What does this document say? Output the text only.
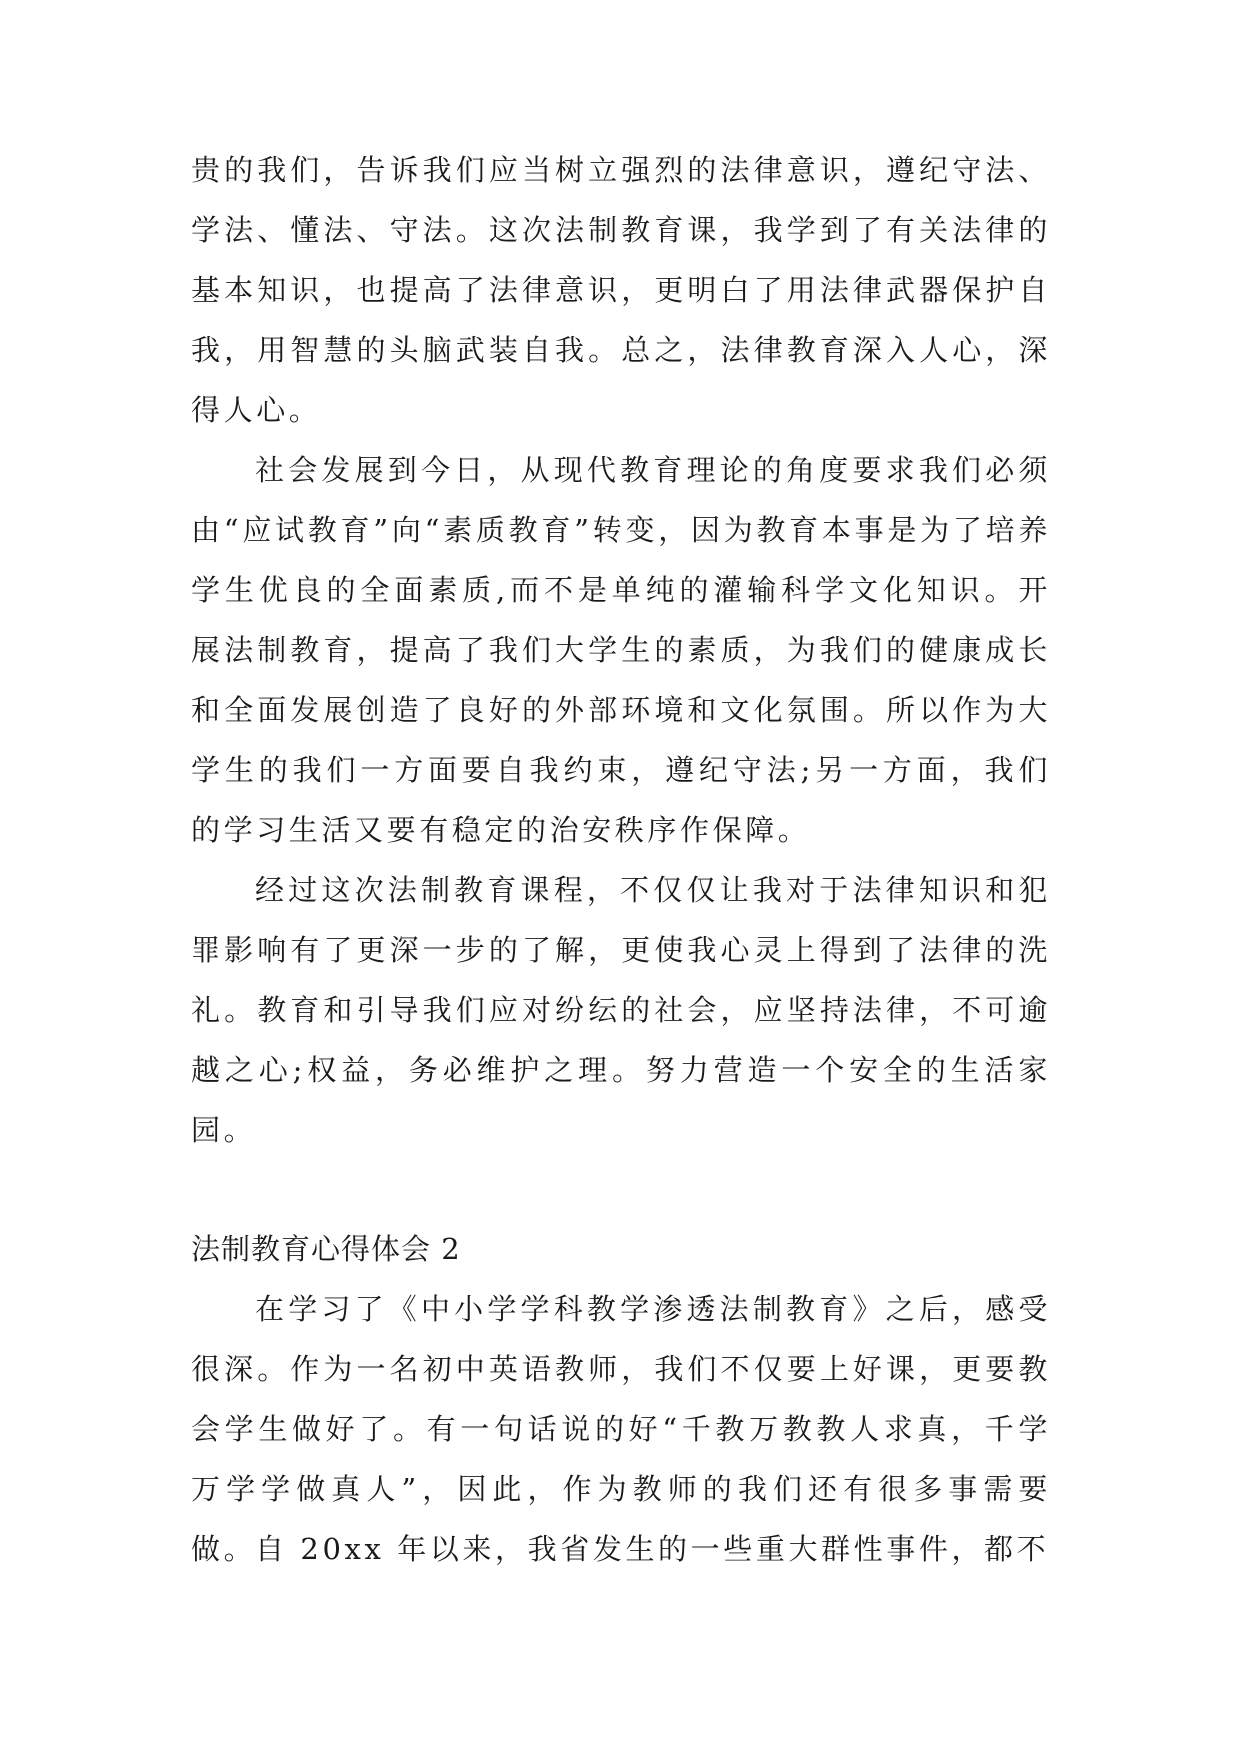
贵的我们，告诉我们应当树立强烈的法律意识，遵纪守法、学法、懂法、守法。这次法制教育课，我学到了有关法律的基本知识，也提高了法律意识，更明白了用法律武器保护自我，用智慧的头脑武装自我。总之，法律教育深入人心，深得人心。

社会发展到今日，从现代教育理论的角度要求我们必须由“应试教育”向“素质教育”转变，因为教育本事是为了培养学生优良的全面素质,而不是单纯的灌输科学文化知识。开展法制教育，提高了我们大学生的素质，为我们的健康成长和全面发展创造了良好的外部环境和文化氛围。所以作为大学生的我们一方面要自我约束，遵纪守法;另一方面，我们的学习生活又要有稳定的治安秩序作保障。

经过这次法制教育课程，不仅仅让我对于法律知识和犯罪影响有了更深一步的了解，更使我心灵上得到了法律的洗礼。教育和引导我们应对纷纭的社会，应坚持法律，不可逾越之心;权益，务必维护之理。努力营造一个安全的生活家园。

法制教育心得体会 2

在学习了《中小学学科教学渗透法制教育》之后，感受很深。作为一名初中英语教师，我们不仅要上好课，更要教会学生做好了。有一句话说的好“千教万教教人求真，千学万学学做真人”，因此，作为教师的我们还有很多事需要做。

自 20xx 年以来，我省发生的一些重大群性事件，都不
